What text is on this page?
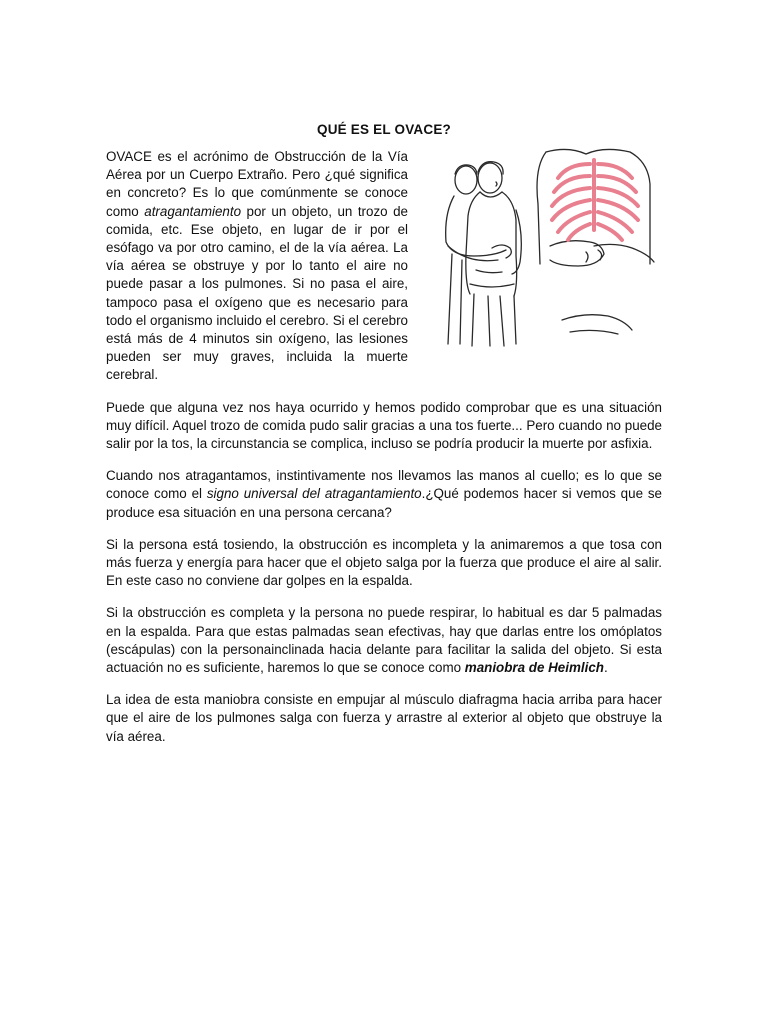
QUÉ ES EL OVACE?

OVACE es el acrónimo de Obstrucción de la Vía Aérea por un Cuerpo Extraño. Pero ¿qué significa en concreto? Es lo que comúnmente se conoce como atragantamiento por un objeto, un trozo de comida, etc. Ese objeto, en lugar de ir por el esófago va por otro camino, el de la vía aérea. La vía aérea se obstruye y por lo tanto el aire no puede pasar a los pulmones. Si no pasa el aire, tampoco pasa el oxígeno que es necesario para todo el organismo incluido el cerebro. Si el cerebro está más de 4 minutos sin oxígeno, las lesiones pueden ser muy graves, incluida la muerte cerebral.

Puede que alguna vez nos haya ocurrido y hemos podido comprobar que es una situación muy difícil. Aquel trozo de comida pudo salir gracias a una tos fuerte... Pero cuando no puede salir por la tos, la circunstancia se complica, incluso se podría producir la muerte por asfixia.

Cuando nos atragantamos, instintivamente nos llevamos las manos al cuello; es lo que se conoce como el signo universal del atragantamiento.¿Qué podemos hacer si vemos que se produce esa situación en una persona cercana?

Si la persona está tosiendo, la obstrucción es incompleta y la animaremos a que tosa con más fuerza y energía para hacer que el objeto salga por la fuerza que produce el aire al salir. En este caso no conviene dar golpes en la espalda.

Si la obstrucción es completa y la persona no puede respirar, lo habitual es dar 5 palmadas en la espalda. Para que estas palmadas sean efectivas, hay que darlas entre los omóplatos (escápulas) con la personainclinada hacia delante para facilitar la salida del objeto. Si esta actuación no es suficiente, haremos lo que se conoce como maniobra de Heimlich.

La idea de esta maniobra consiste en empujar al músculo diafragma hacia arriba para hacer que el aire de los pulmones salga con fuerza y arrastre al exterior al objeto que obstruye la vía aérea.
